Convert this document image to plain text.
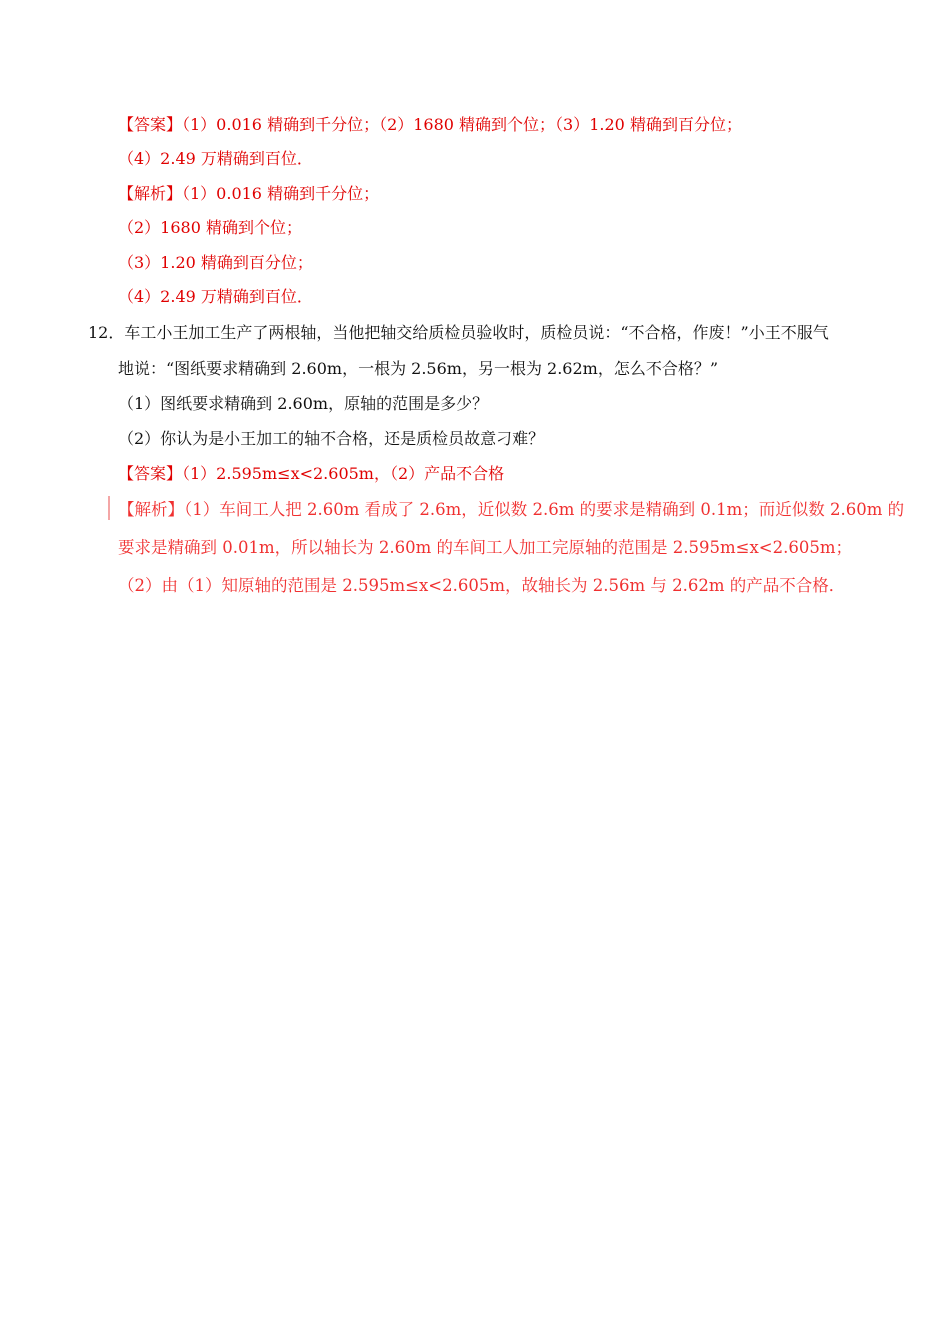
【答案】（1）0.016 精确到千分位；（2）1680 精确到个位；（3）1.20 精确到百分位；
（4）2.49 万精确到百位．
【解析】（1）0.016 精确到千分位；
（2）1680 精确到个位；
（3）1.20 精确到百分位；
（4）2.49 万精确到百位．
12．车工小王加工生产了两根轴，当他把轴交给质检员验收时，质检员说：“不合格，作废！”小王不服气
地说：“图纸要求精确到 2.60m，一根为 2.56m，另一根为 2.62m，怎么不合格？”
（1）图纸要求精确到 2.60m，原轴的范围是多少？
（2）你认为是小王加工的轴不合格，还是质检员故意刁难？
【答案】（1）2.595m≤x<2.605m，（2）产品不合格
【解析】（1）车间工人把 2.60m 看成了 2.6m，近似数 2.6m 的要求是精确到 0.1m；而近似数 2.60m 的
要求是精确到 0.01m，所以轴长为 2.60m 的车间工人加工完原轴的范围是 2.595m≤x<2.605m；
（2）由（1）知原轴的范围是 2.595m≤x<2.605m，故轴长为 2.56m 与 2.62m 的产品不合格．
